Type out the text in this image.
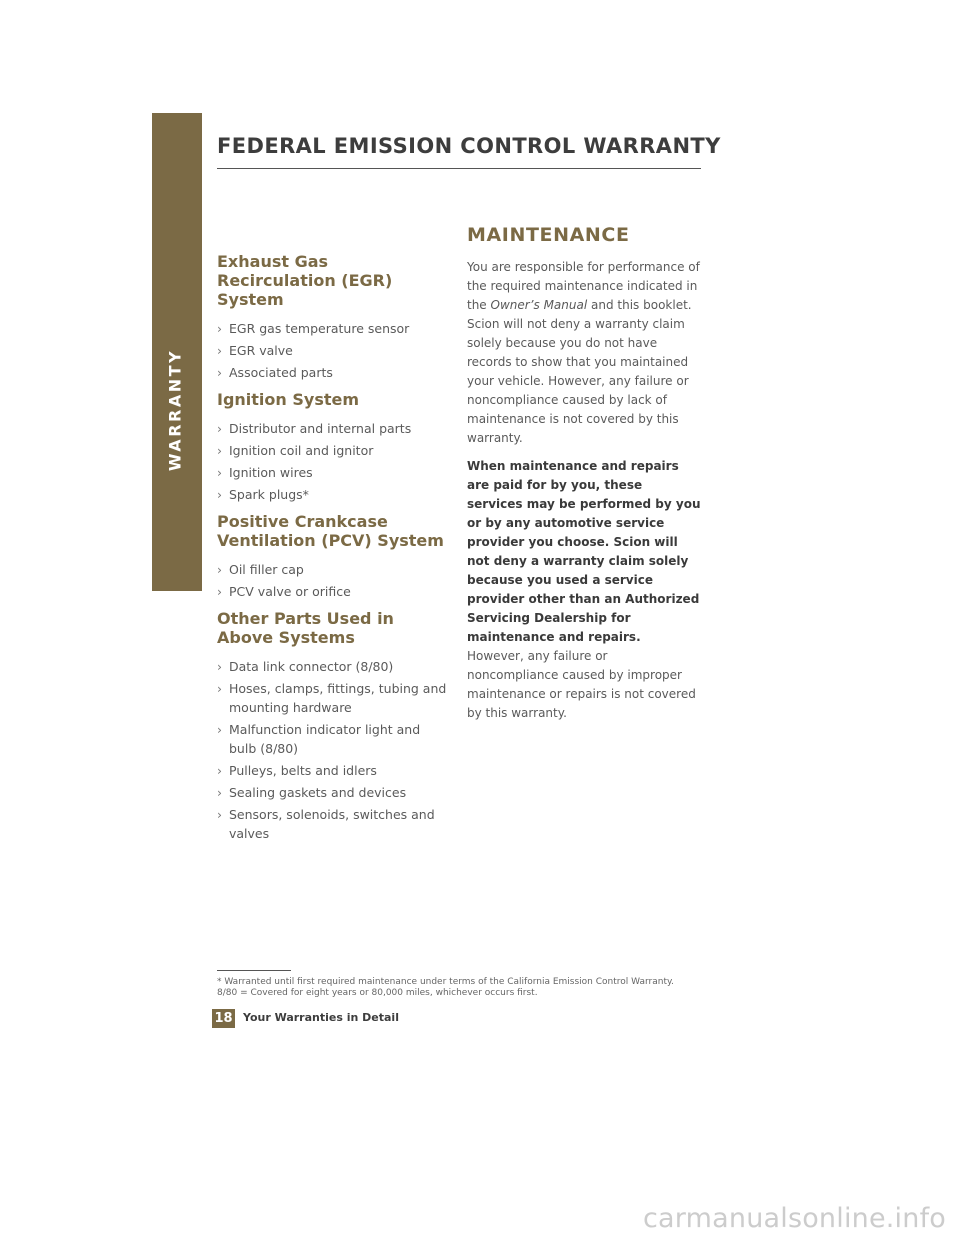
WARRANTY
FEDERAL EMISSION CONTROL WARRANTY
Exhaust Gas Recirculation (EGR) System
› EGR gas temperature sensor
› EGR valve
› Associated parts
Ignition System
› Distributor and internal parts
› Ignition coil and ignitor
› Ignition wires
› Spark plugs*
Positive Crankcase Ventilation (PCV) System
› Oil filler cap
› PCV valve or orifice
Other Parts Used in Above Systems
› Data link connector (8/80)
› Hoses, clamps, fittings, tubing and mounting hardware
› Malfunction indicator light and bulb (8/80)
› Pulleys, belts and idlers
› Sealing gaskets and devices
› Sensors, solenoids, switches and valves
MAINTENANCE

You are responsible for performance of the required maintenance indicated in the Owner’s Manual and this booklet. Scion will not deny a warranty claim solely because you do not have records to show that you maintained your vehicle. However, any failure or noncompliance caused by lack of maintenance is not covered by this warranty.

When maintenance and repairs are paid for by you, these services may be performed by you or by any automotive service provider you choose. Scion will not deny a warranty claim solely because you used a service provider other than an Authorized Servicing Dealership for maintenance and repairs. However, any failure or noncompliance caused by improper maintenance or repairs is not covered by this warranty.

* Warranted until first required maintenance under terms of the California Emission Control Warranty.
8/80 = Covered for eight years or 80,000 miles, whichever occurs first.
18 Your Warranties in Detail
carmanualsonline.info
